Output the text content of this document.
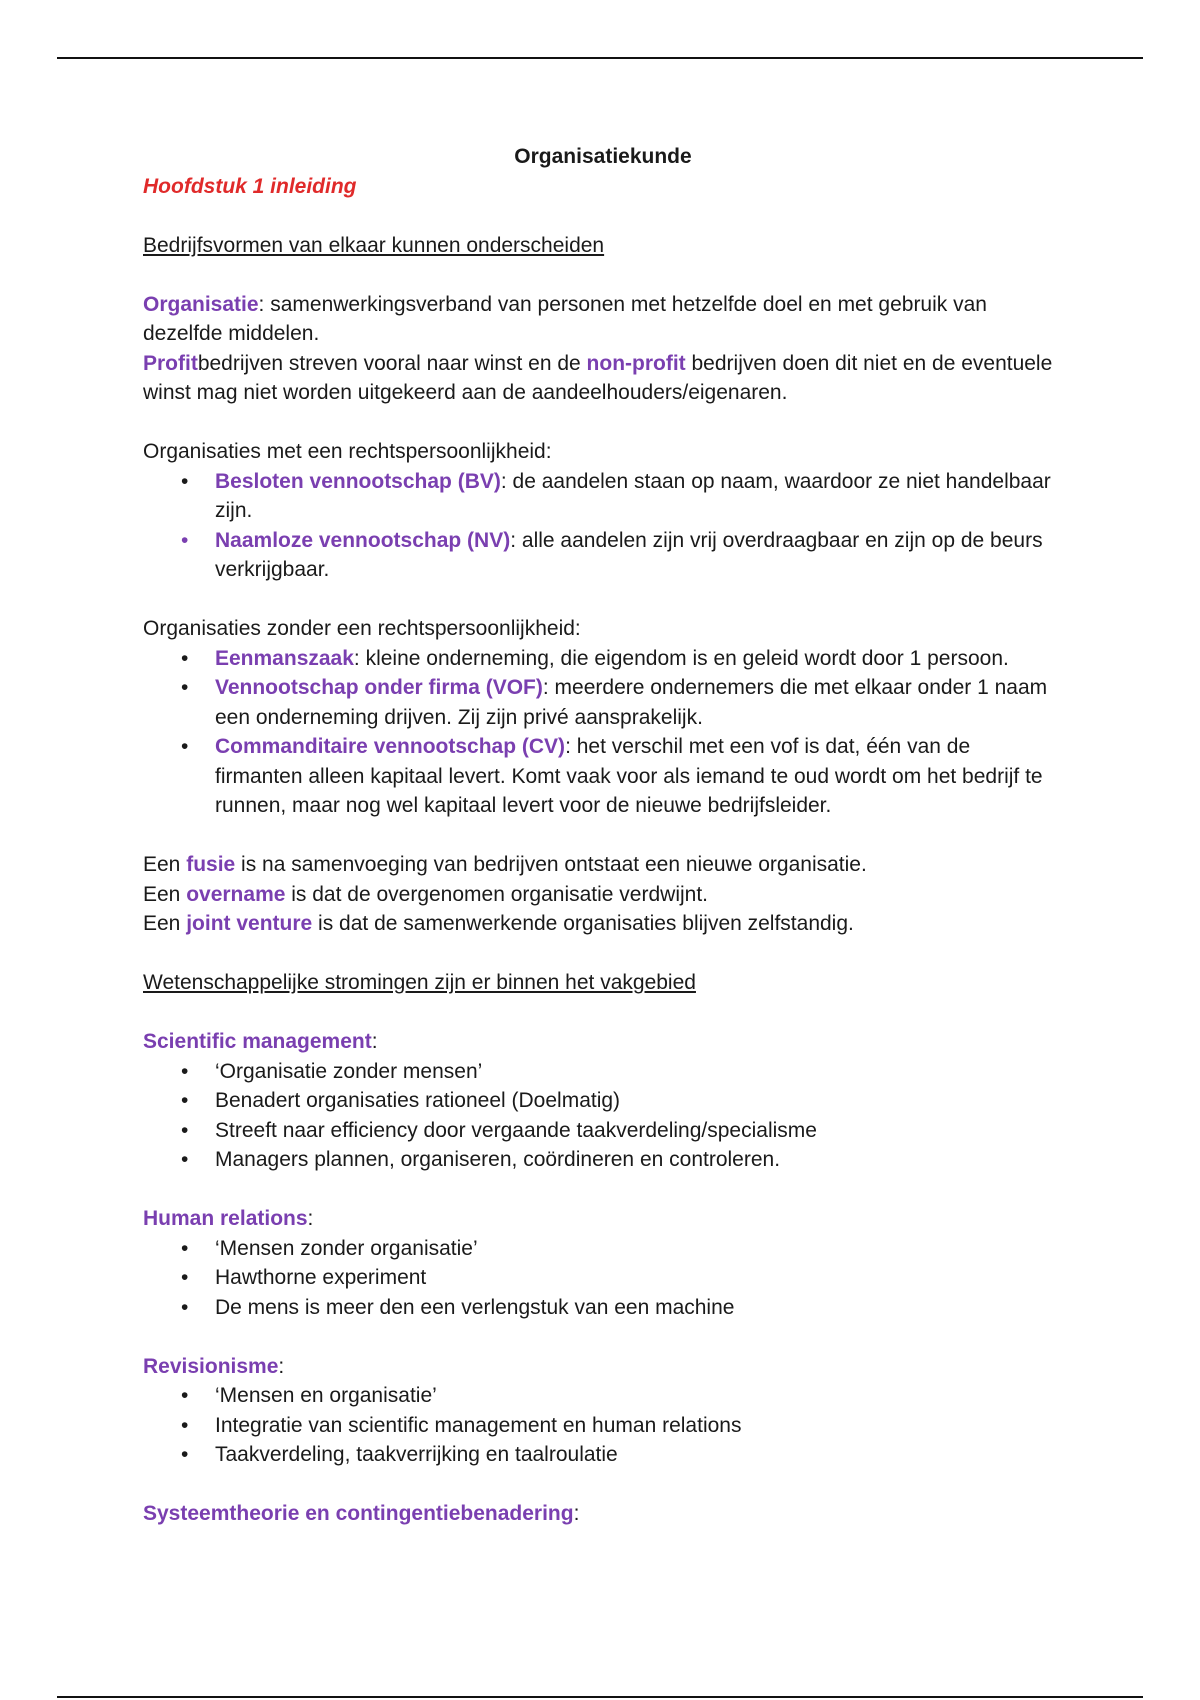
Organisatiekunde

Hoofdstuk 1 inleiding

Bedrijfsvormen van elkaar kunnen onderscheiden

Organisatie: samenwerkingsverband van personen met hetzelfde doel en met gebruik van dezelfde middelen.

Profitbedrijven streven vooral naar winst en de non-profit bedrijven doen dit niet en de eventuele winst mag niet worden uitgekeerd aan de aandeelhouders/eigenaren.

Organisaties met een rechtspersoonlijkheid:

• Besloten vennootschap (BV): de aandelen staan op naam, waardoor ze niet handelbaar zijn.
• Naamloze vennootschap (NV): alle aandelen zijn vrij overdraagbaar en zijn op de beurs verkrijgbaar.

Organisaties zonder een rechtspersoonlijkheid:

• Eenmanszaak: kleine onderneming, die eigendom is en geleid wordt door 1 persoon.
• Vennootschap onder firma (VOF): meerdere ondernemers die met elkaar onder 1 naam een onderneming drijven. Zij zijn privé aansprakelijk.
• Commanditaire vennootschap (CV): het verschil met een vof is dat, één van de firmanten alleen kapitaal levert. Komt vaak voor als iemand te oud wordt om het bedrijf te runnen, maar nog wel kapitaal levert voor de nieuwe bedrijfsleider.

Een fusie is na samenvoeging van bedrijven ontstaat een nieuwe organisatie.

Een overname is dat de overgenomen organisatie verdwijnt.

Een joint venture is dat de samenwerkende organisaties blijven zelfstandig.

Wetenschappelijke stromingen zijn er binnen het vakgebied

Scientific management:

• ‘Organisatie zonder mensen’
• Benadert organisaties rationeel (Doelmatig)
• Streeft naar efficiency door vergaande taakverdeling/specialisme
• Managers plannen, organiseren, coördineren en controleren.

Human relations:

• ‘Mensen zonder organisatie’
• Hawthorne experiment
• De mens is meer den een verlengstuk van een machine

Revisionisme:

• ‘Mensen en organisatie’
• Integratie van scientific management en human relations
• Taakverdeling, taakverrijking en taalroulatie

Systeemtheorie en contingentiebenadering:
